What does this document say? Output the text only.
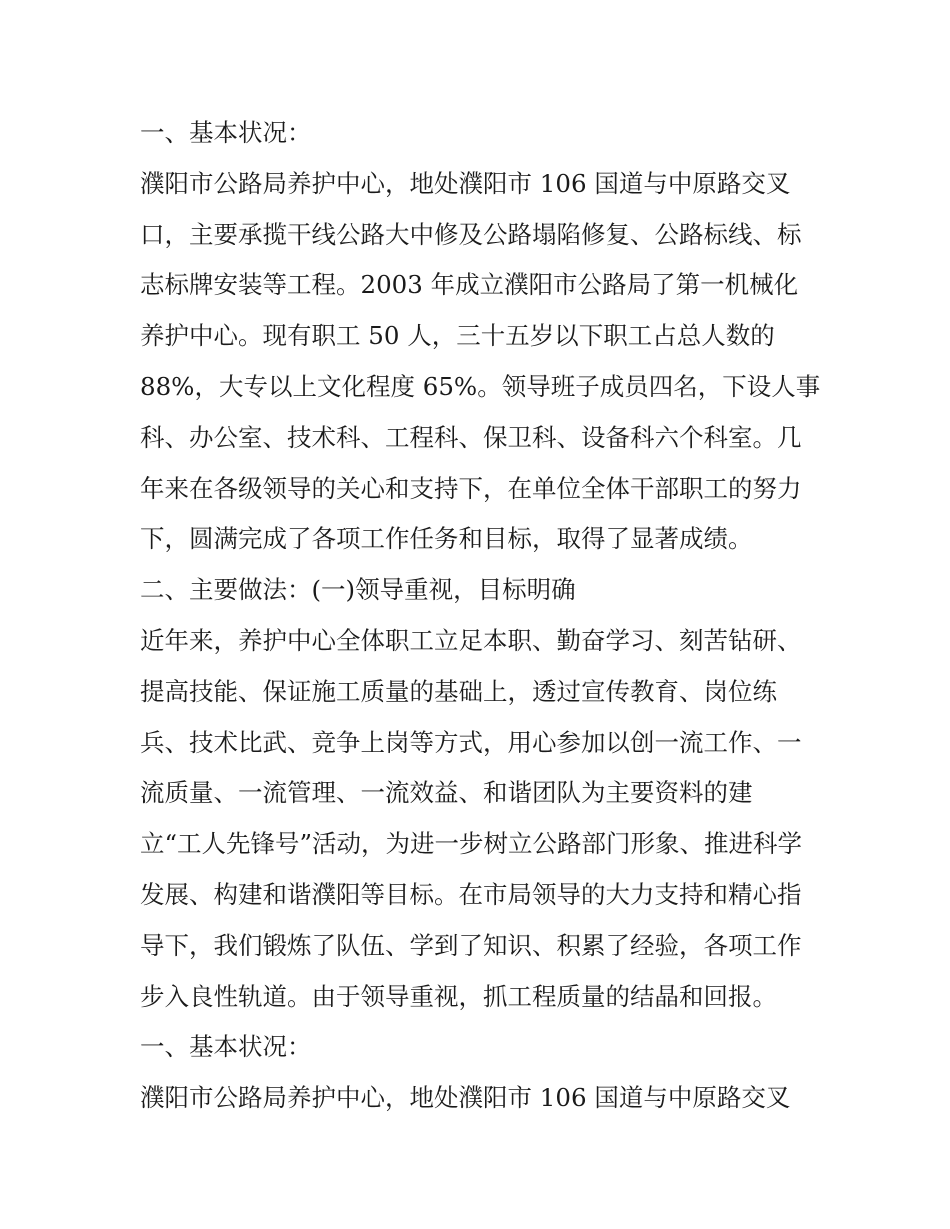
一、基本状况：
濮阳市公路局养护中心，地处濮阳市 106 国道与中原路交叉
口，主要承揽干线公路大中修及公路塌陷修复、公路标线、标
志标牌安装等工程。2003 年成立濮阳市公路局了第一机械化
养护中心。现有职工 50 人，三十五岁以下职工占总人数的
88%，大专以上文化程度 65%。领导班子成员四名，下设人事
科、办公室、技术科、工程科、保卫科、设备科六个科室。几
年来在各级领导的关心和支持下，在单位全体干部职工的努力
下，圆满完成了各项工作任务和目标，取得了显著成绩。
二、主要做法：(一)领导重视，目标明确
近年来，养护中心全体职工立足本职、勤奋学习、刻苦钻研、
提高技能、保证施工质量的基础上，透过宣传教育、岗位练
兵、技术比武、竞争上岗等方式，用心参加以创一流工作、一
流质量、一流管理、一流效益、和谐团队为主要资料的建
立“工人先锋号”活动，为进一步树立公路部门形象、推进科学
发展、构建和谐濮阳等目标。在市局领导的大力支持和精心指
导下，我们锻炼了队伍、学到了知识、积累了经验，各项工作
步入良性轨道。由于领导重视，抓工程质量的结晶和回报。
一、基本状况：
濮阳市公路局养护中心，地处濮阳市 106 国道与中原路交叉
